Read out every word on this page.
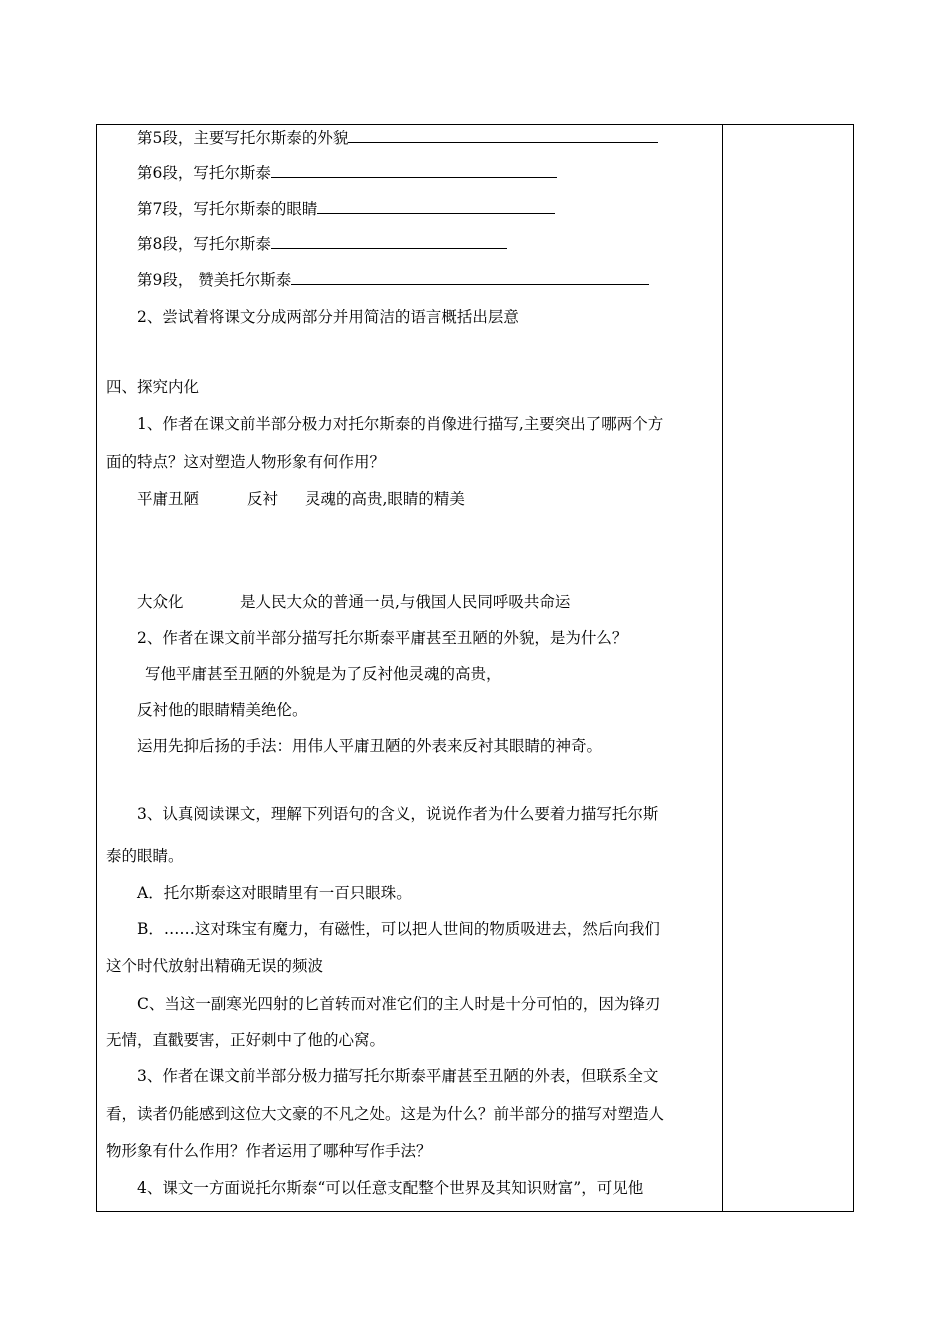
第5段，主要写托尔斯泰的外貌
第6段，写托尔斯泰
第7段，写托尔斯泰的眼睛
第8段，写托尔斯泰
第9段， 赞美托尔斯泰
2、尝试着将课文分成两部分并用简洁的语言概括出层意
四、探究内化
1、作者在课文前半部分极力对托尔斯泰的肖像进行描写,主要突出了哪两个方
面的特点？这对塑造人物形象有何作用？
平庸丑陋	反衬 灵魂的高贵,眼睛的精美
大众化	是人民大众的普通一员,与俄国人民同呼吸共命运
2、作者在课文前半部分描写托尔斯泰平庸甚至丑陋的外貌，是为什么？
写他平庸甚至丑陋的外貌是为了反衬他灵魂的高贵，
反衬他的眼睛精美绝伦。
运用先抑后扬的手法：用伟人平庸丑陋的外表来反衬其眼睛的神奇。
3、认真阅读课文，理解下列语句的含义，说说作者为什么要着力描写托尔斯
泰的眼睛。
A．托尔斯泰这对眼睛里有一百只眼珠。
B．……这对珠宝有魔力，有磁性，可以把人世间的物质吸进去，然后向我们
这个时代放射出精确无误的频波
C、当这一副寒光四射的匕首转而对准它们的主人时是十分可怕的，因为锋刃
无情，直戳要害，正好刺中了他的心窝。
3、作者在课文前半部分极力描写托尔斯泰平庸甚至丑陋的外表，但联系全文
看，读者仍能感到这位大文豪的不凡之处。这是为什么？前半部分的描写对塑造人
物形象有什么作用？作者运用了哪种写作手法？
4、课文一方面说托尔斯泰“可以任意支配整个世界及其知识财富”，可见他
